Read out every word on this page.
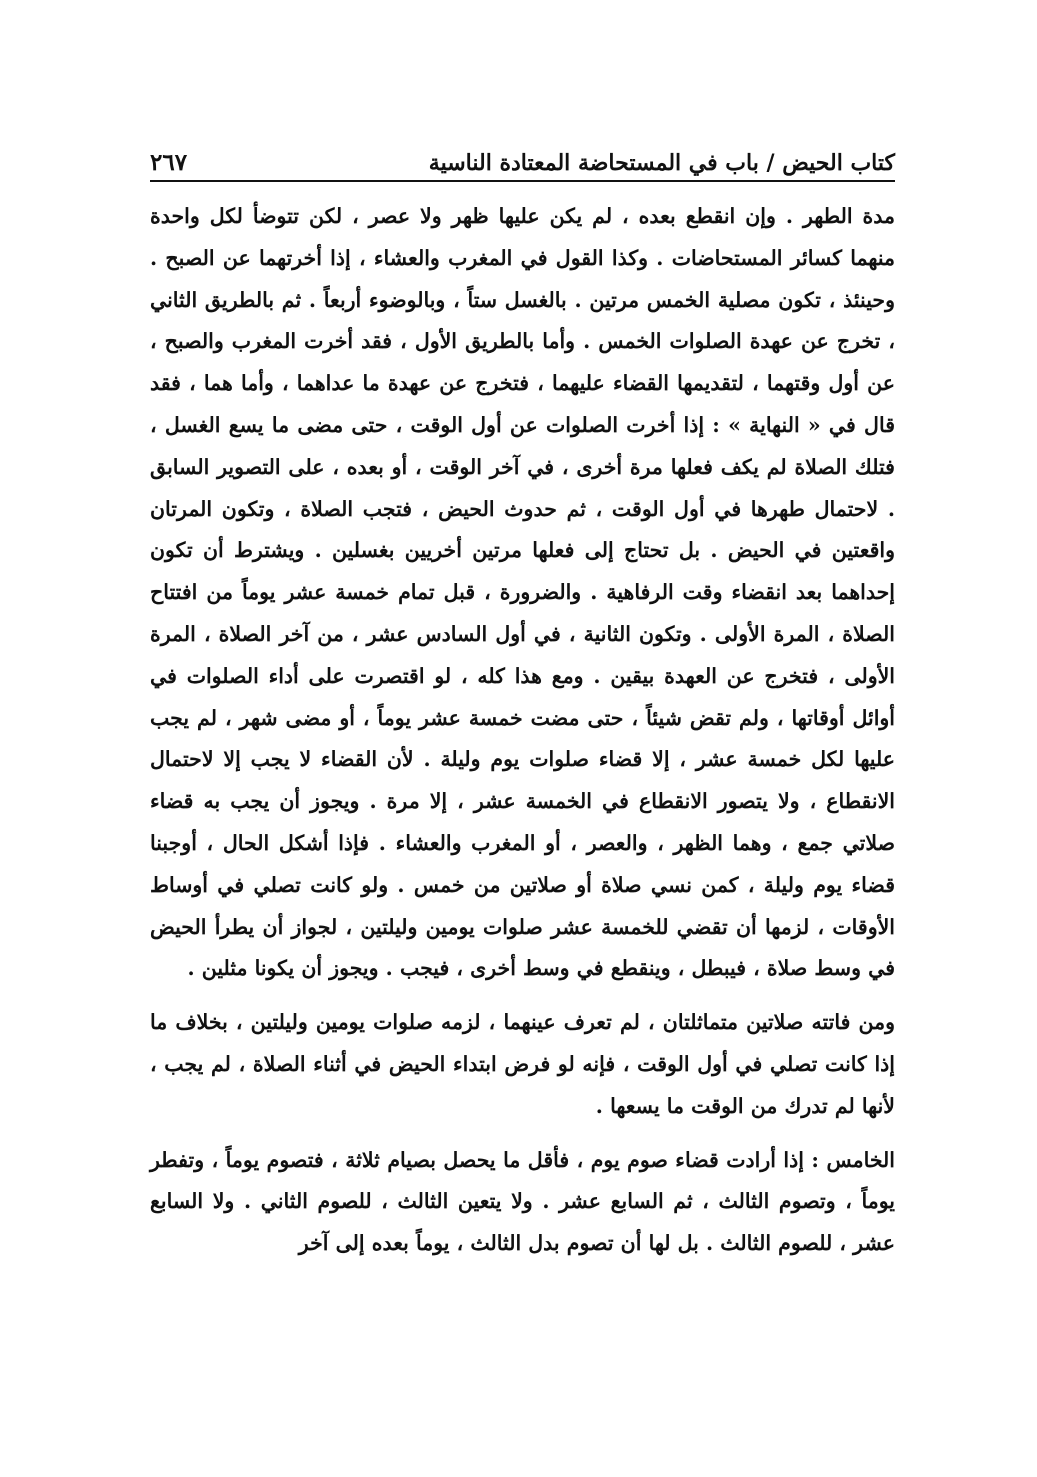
كتاب الحيض / باب في المستحاضة المعتادة الناسية
٢٦٧

مدة الطهر . وإن انقطع بعده ، لم يكن عليها ظهر ولا عصر ، لكن تتوضأ لكل واحدة منهما كسائر المستحاضات . وكذا القول في المغرب والعشاء ، إذا أخرتهما عن الصبح . وحينئذ ، تكون مصلية الخمس مرتين . بالغسل ستاً ، وبالوضوء أربعاً . ثم بالطريق الثاني ، تخرج عن عهدة الصلوات الخمس . وأما بالطريق الأول ، فقد أخرت المغرب والصبح ، عن أول وقتهما ، لتقديمها القضاء عليهما ، فتخرج عن عهدة ما عداهما ، وأما هما ، فقد قال في « النهاية » : إذا أخرت الصلوات عن أول الوقت ، حتى مضى ما يسع الغسل ، فتلك الصلاة لم يكف فعلها مرة أخرى ، في آخر الوقت ، أو بعده ، على التصوير السابق . لاحتمال طهرها في أول الوقت ، ثم حدوث الحيض ، فتجب الصلاة ، وتكون المرتان واقعتين في الحيض . بل تحتاج إلى فعلها مرتين أخريين بغسلين . ويشترط أن تكون إحداهما بعد انقضاء وقت الرفاهية . والضرورة ، قبل تمام خمسة عشر يوماً من افتتاح الصلاة ، المرة الأولى . وتكون الثانية ، في أول السادس عشر ، من آخر الصلاة ، المرة الأولى ، فتخرج عن العهدة بيقين . ومع هذا كله ، لو اقتصرت على أداء الصلوات في أوائل أوقاتها ، ولم تقض شيئاً ، حتى مضت خمسة عشر يوماً ، أو مضى شهر ، لم يجب عليها لكل خمسة عشر ، إلا قضاء صلوات يوم وليلة . لأن القضاء لا يجب إلا لاحتمال الانقطاع ، ولا يتصور الانقطاع في الخمسة عشر ، إلا مرة . ويجوز أن يجب به قضاء صلاتي جمع ، وهما الظهر ، والعصر ، أو المغرب والعشاء . فإذا أشكل الحال ، أوجبنا قضاء يوم وليلة ، كمن نسي صلاة أو صلاتين من خمس . ولو كانت تصلي في أوساط الأوقات ، لزمها أن تقضي للخمسة عشر صلوات يومين وليلتين ، لجواز أن يطرأ الحيض في وسط صلاة ، فيبطل ، وينقطع في وسط أخرى ، فيجب . ويجوز أن يكونا مثلين .

ومن فاتته صلاتين متماثلتان ، لم تعرف عينهما ، لزمه صلوات يومين وليلتين ، بخلاف ما إذا كانت تصلي في أول الوقت ، فإنه لو فرض ابتداء الحيض في أثناء الصلاة ، لم يجب ، لأنها لم تدرك من الوقت ما يسعها .

الخامس : إذا أرادت قضاء صوم يوم ، فأقل ما يحصل بصيام ثلاثة ، فتصوم يوماً ، وتفطر يوماً ، وتصوم الثالث ، ثم السابع عشر . ولا يتعين الثالث ، للصوم الثاني . ولا السابع عشر ، للصوم الثالث . بل لها أن تصوم بدل الثالث ، يوماً بعده إلى آخر
